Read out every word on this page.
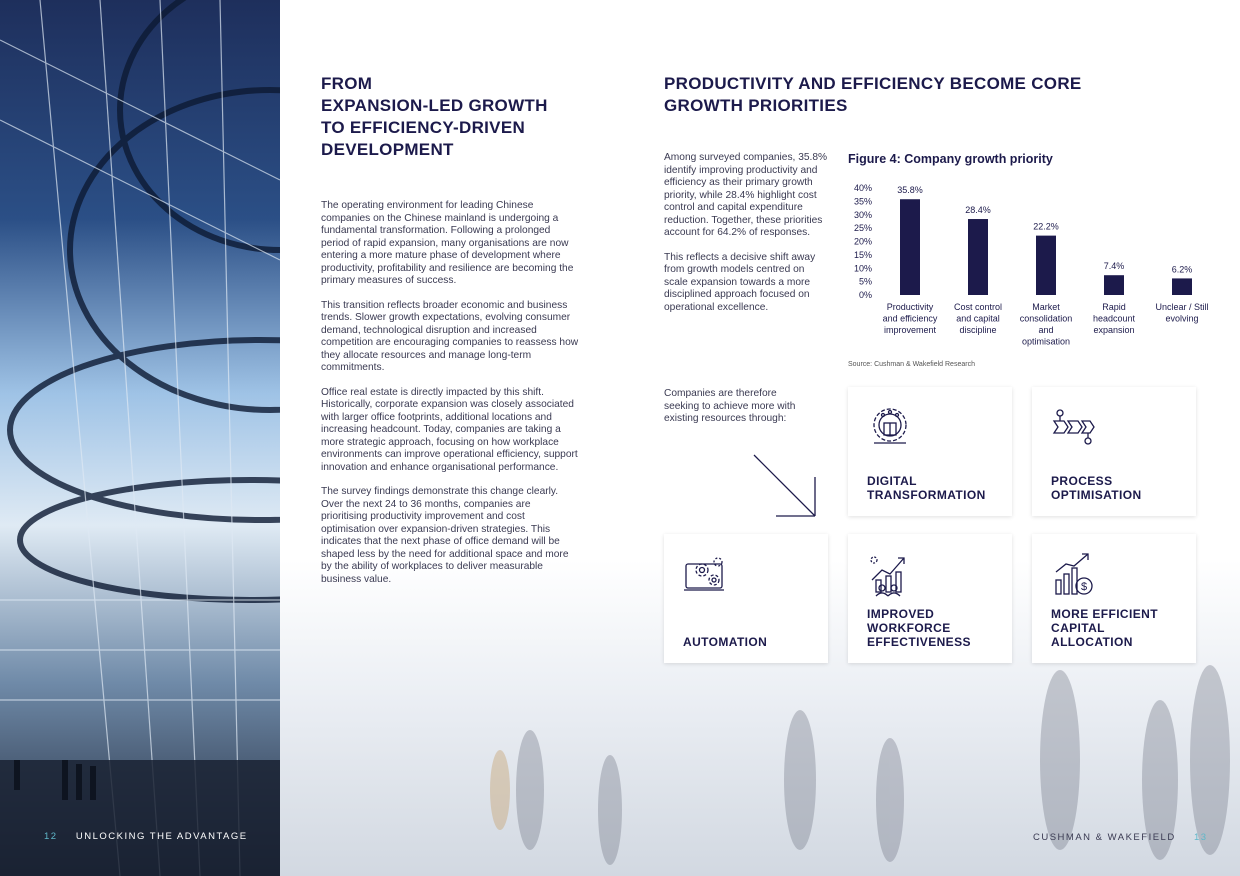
FROM
EXPANSION-LED GROWTH
TO EFFICIENCY-DRIVEN
DEVELOPMENT

The operating environment for leading Chinese companies on the Chinese mainland is undergoing a fundamental transformation. Following a prolonged period of rapid expansion, many organisations are now entering a more mature phase of development where productivity, profitability and resilience are becoming the primary measures of success.

This transition reflects broader economic and business trends. Slower growth expectations, evolving consumer demand, technological disruption and increased competition are encouraging companies to reassess how they allocate resources and manage long-term commitments.

Office real estate is directly impacted by this shift. Historically, corporate expansion was closely associated with larger office footprints, additional locations and increasing headcount. Today, companies are taking a more strategic approach, focusing on how workplace environments can improve operational efficiency, support innovation and enhance organisational performance.

The survey findings demonstrate this change clearly. Over the next 24 to 36 months, companies are prioritising productivity improvement and cost optimisation over expansion-driven strategies. This indicates that the next phase of office demand will be shaped less by the need for additional space and more by the ability of workplaces to deliver measurable business value.

PRODUCTIVITY AND EFFICIENCY BECOME CORE
GROWTH PRIORITIES

Among surveyed companies, 35.8% identify improving productivity and efficiency as their primary growth priority, while 28.4% highlight cost control and capital expenditure reduction. Together, these priorities account for 64.2% of responses.

This reflects a decisive shift away from growth models centred on scale expansion towards a more disciplined approach focused on operational excellence.

Companies are therefore seeking to achieve more with existing resources through:
Figure 4: Company growth priority
0%
5%
10%
15%
20%
25%
30%
35%
40%	35.8%
Productivity and efficiency improvement
28.4%
Cost control and capital discipline
22.2%
Market consolidation and optimisation
7.4%
Rapid headcount expansion
6.2%
Unclear / Still evolving
Source: Cushman & Wakefield Research
DIGITAL
TRANSFORMATION
PROCESS
OPTIMISATION
AUTOMATION
IMPROVED
WORKFORCE
EFFECTIVENESS
$
MORE EFFICIENT
CAPITAL
ALLOCATION
12 UNLOCKING THE ADVANTAGE	CUSHMAN & WAKEFIELD 13
